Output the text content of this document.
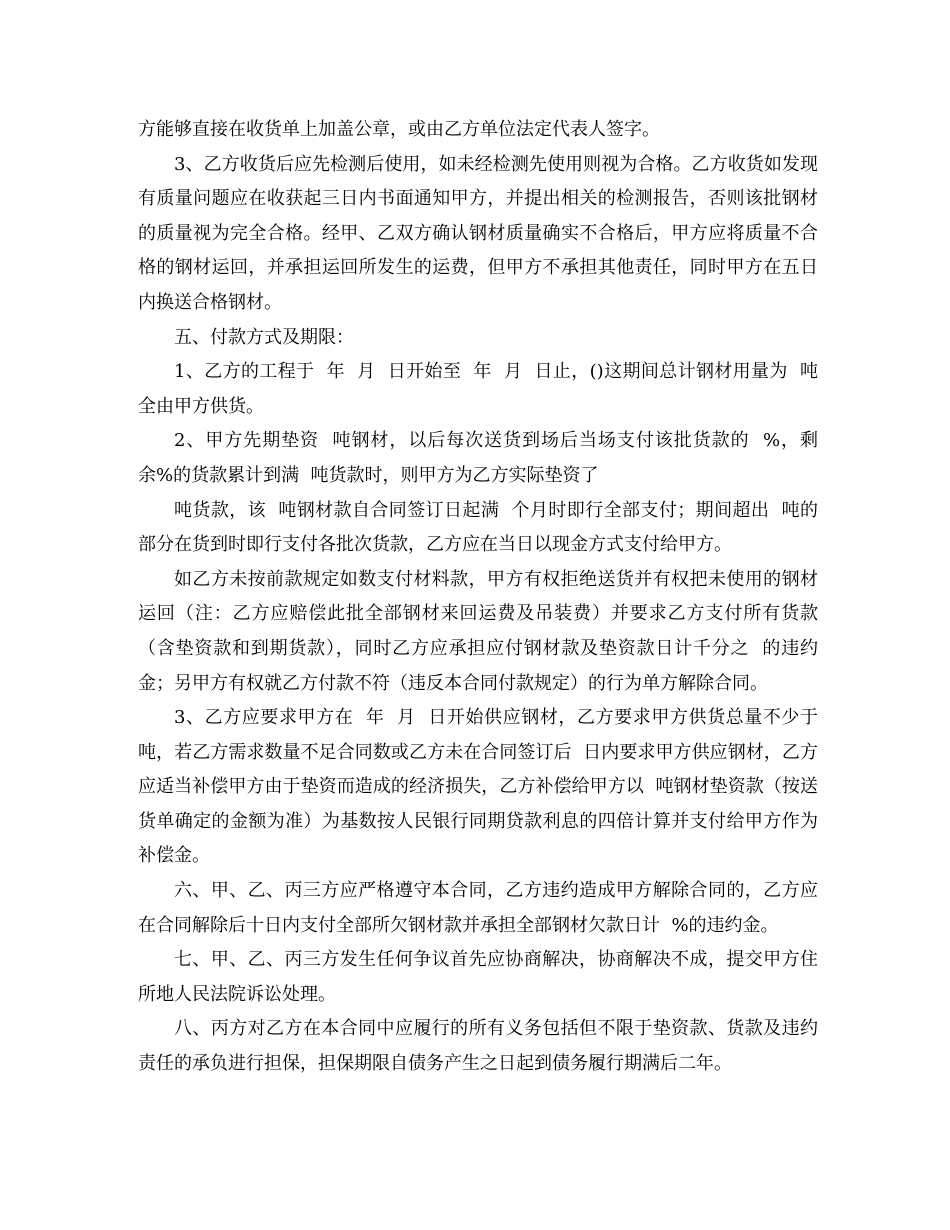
方能够直接在收货单上加盖公章，或由乙方单位法定代表人签字。

3、乙方收货后应先检测后使用，如未经检测先使用则视为合格。乙方收货如发现有质量问题应在收获起三日内书面通知甲方，并提出相关的检测报告，否则该批钢材的质量视为完全合格。经甲、乙双方确认钢材质量确实不合格后，甲方应将质量不合格的钢材运回，并承担运回所发生的运费，但甲方不承担其他责任，同时甲方在五日内换送合格钢材。

五、付款方式及期限：

1、乙方的工程于  年  月  日开始至  年  月  日止，()这期间总计钢材用量为  吨全由甲方供货。

2、甲方先期垫资  吨钢材，以后每次送货到场后当场支付该批货款的  %，剩余%的货款累计到满  吨货款时，则甲方为乙方实际垫资了

吨货款，该  吨钢材款自合同签订日起满  个月时即行全部支付；期间超出  吨的部分在货到时即行支付各批次货款，乙方应在当日以现金方式支付给甲方。

如乙方未按前款规定如数支付材料款，甲方有权拒绝送货并有权把未使用的钢材运回（注：乙方应赔偿此批全部钢材来回运费及吊装费）并要求乙方支付所有货款（含垫资款和到期货款），同时乙方应承担应付钢材款及垫资款日计千分之  的违约金；另甲方有权就乙方付款不符（违反本合同付款规定）的行为单方解除合同。

3、乙方应要求甲方在  年  月  日开始供应钢材，乙方要求甲方供货总量不少于吨，若乙方需求数量不足合同数或乙方未在合同签订后  日内要求甲方供应钢材，乙方应适当补偿甲方由于垫资而造成的经济损失，乙方补偿给甲方以  吨钢材垫资款（按送货单确定的金额为准）为基数按人民银行同期贷款利息的四倍计算并支付给甲方作为补偿金。

六、甲、乙、丙三方应严格遵守本合同，乙方违约造成甲方解除合同的，乙方应在合同解除后十日内支付全部所欠钢材款并承担全部钢材欠款日计  %的违约金。

七、甲、乙、丙三方发生任何争议首先应协商解决，协商解决不成，提交甲方住所地人民法院诉讼处理。

八、丙方对乙方在本合同中应履行的所有义务包括但不限于垫资款、货款及违约责任的承负进行担保，担保期限自债务产生之日起到债务履行期满后二年。
